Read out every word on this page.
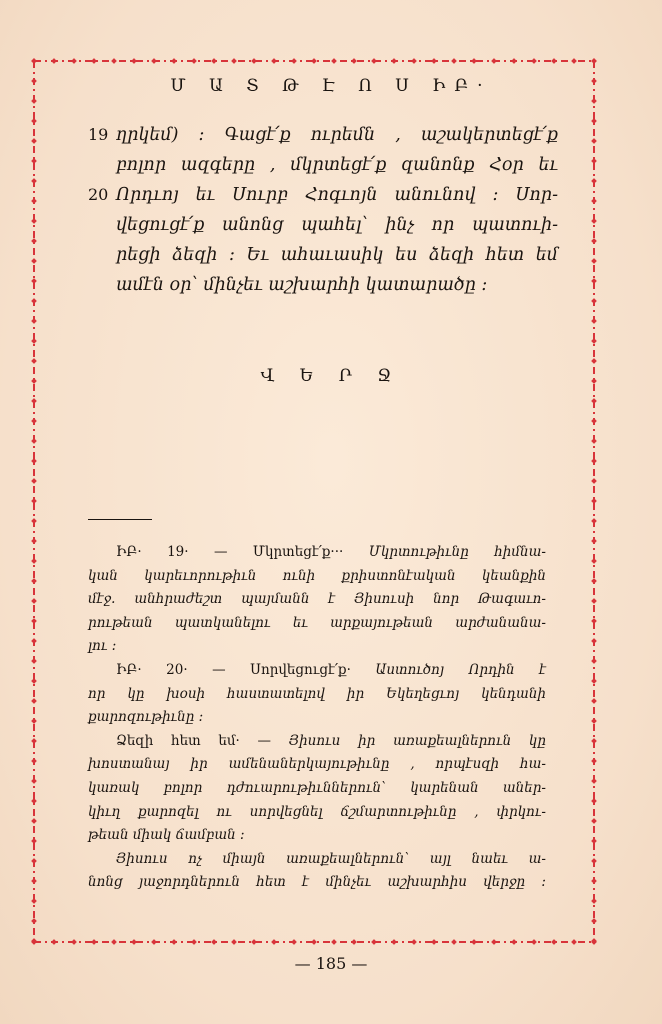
Մ Ա Տ Թ Է Ո Ս ԻԲ·
19 ղրկեմ) ։ Գացէ՛ք ուրեմն , աշակերտեցէ՛ք
բոլոր ազգերը , մկրտեցէ՛ք զանոնք Հօր եւ
20 Որդւոյ եւ Սուրբ Հոգւոյն անունով ։ Սոր-
վեցուցէ՛ք անոնց պահել՝ ինչ որ պատուի-
րեցի ձեզի ։ Եւ ահաւասիկ ես ձեզի հետ եմ
ամէն օր՝ մինչեւ աշխարհի կատարածը ։
Վ Ե Ր Ջ
ԻԲ· 19· — Մկրտեցէ՛ք··· Մկրտութիւնը հիմնա-
կան կարեւորութիւն ունի քրիստոնէական կեանքին
մէջ. անհրաժեշտ պայմանն է Յիսուսի նոր Թագաւո-
րութեան պատկանելու եւ արքայութեան արժանանա-
լու ։
ԻԲ· 20· — Սորվեցուցէ՛ք· Աստուծոյ Որդին է
որ կը խօսի հաստատելով իր Եկեղեցւոյ կենդանի
քարոզութիւնը ։
Ձեզի հետ եմ· — Յիսուս իր առաքեալներուն կը
խոստանայ իր ամենաներկայութիւնը , որպէսզի հա-
կառակ բոլոր դժուարութիւններուն՝ կարենան աներ-
կիւղ քարոզել ու սորվեցնել ճշմարտութիւնը , փրկու-
թեան միակ ճամբան ։
Յիսուս ոչ միայն առաքեալներուն՝ այլ նաեւ ա-
նոնց յաջորդներուն հետ է մինչեւ աշխարհիս վերջը ։
— 185 —
